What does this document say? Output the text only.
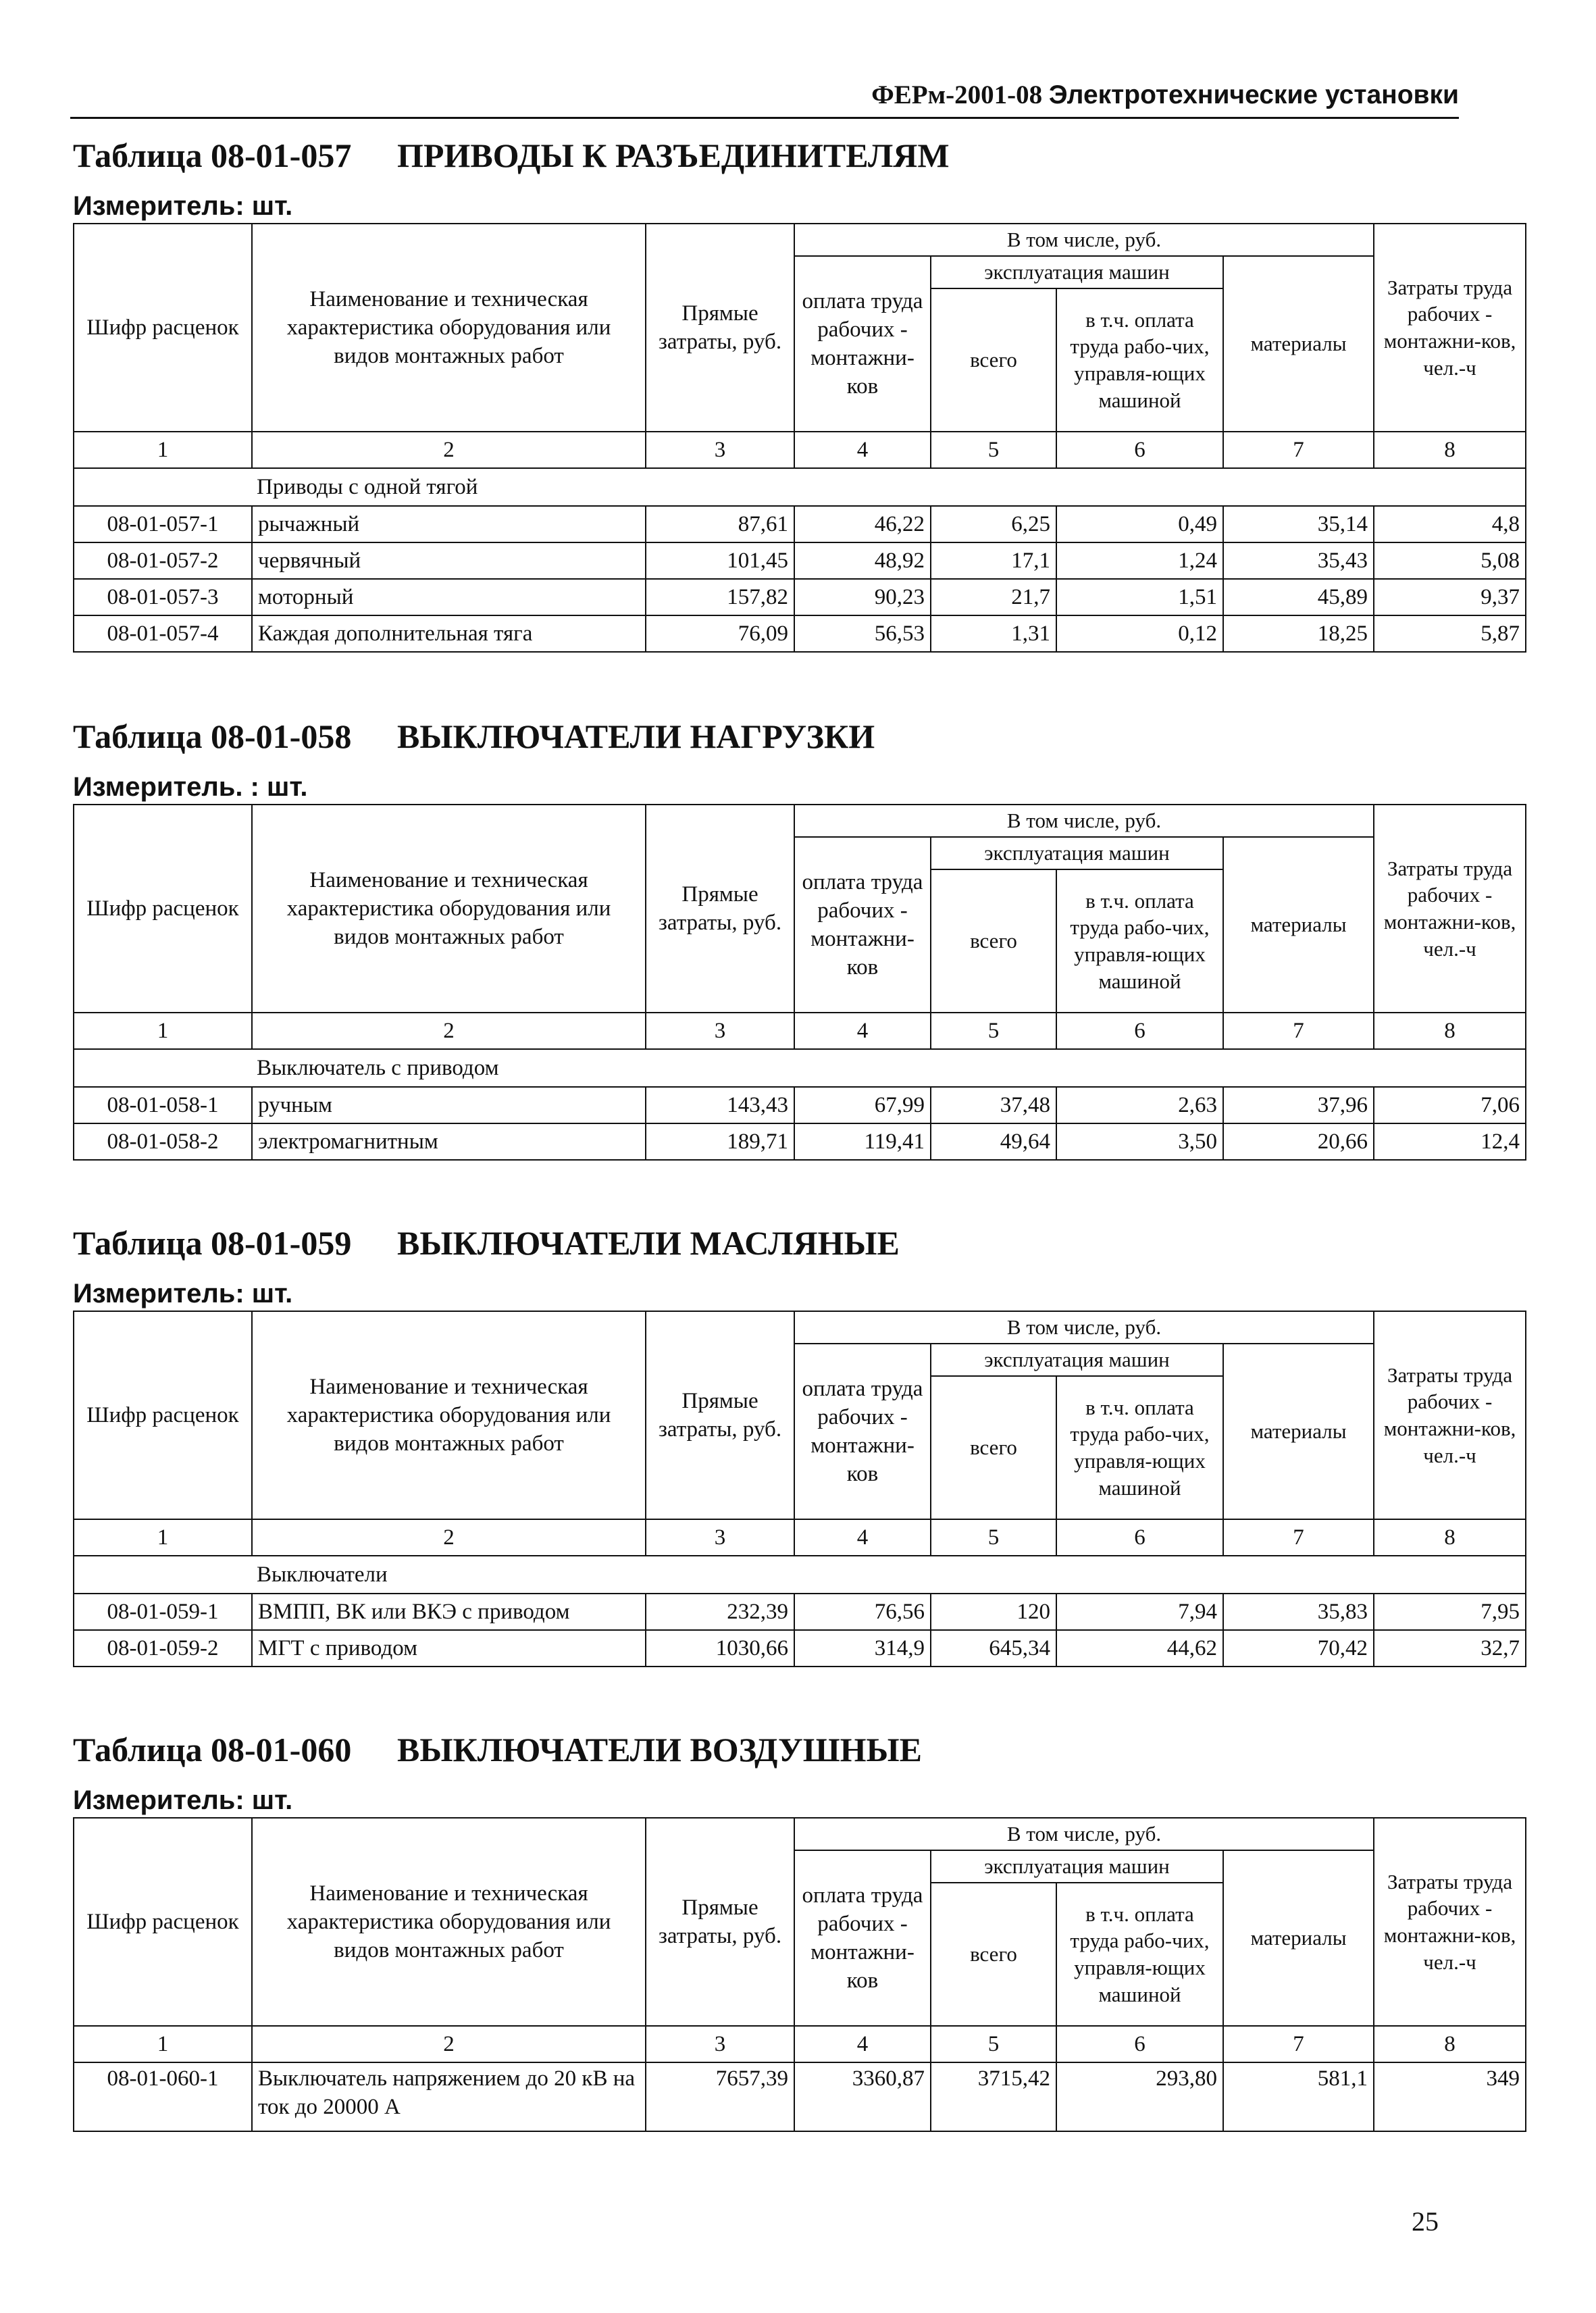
ФЕРм-2001-08 Электротехнические установки
Таблица 08-01-057 ПРИВОДЫ К РАЗЪЕДИНИТЕЛЯМ
Измеритель: шт.
Шифр расценок	Наименование и техническая характеристика оборудования или видов монтажных работ	Прямые затраты, руб.	В том числе, руб.				Затраты труда рабочих - монтажни-ков, чел.-ч
			оплата труда рабочих - монтажни-ков	эксплуатация машин		материалы	
				всего	в т.ч. оплата труда рабо-чих, управля-ющих машиной		
1	2	3	4	5	6	7	8
Приводы с одной тягой							
08-01-057-1	рычажный	87,61	46,22	6,25	0,49	35,14	4,8
08-01-057-2	червячный	101,45	48,92	17,1	1,24	35,43	5,08
08-01-057-3	моторный	157,82	90,23	21,7	1,51	45,89	9,37
08-01-057-4	Каждая дополнительная тяга	76,09	56,53	1,31	0,12	18,25	5,87
Таблица 08-01-058 ВЫКЛЮЧАТЕЛИ НАГРУЗКИ
Измеритель. : шт.
Шифр расценок	Наименование и техническая характеристика оборудования или видов монтажных работ	Прямые затраты, руб.	В том числе, руб.				Затраты труда рабочих - монтажни-ков, чел.-ч
			оплата труда рабочих - монтажни-ков	эксплуатация машин		материалы	
				всего	в т.ч. оплата труда рабо-чих, управля-ющих машиной		
1	2	3	4	5	6	7	8
Выключатель с приводом							
08-01-058-1	ручным	143,43	67,99	37,48	2,63	37,96	7,06
08-01-058-2	электромагнитным	189,71	119,41	49,64	3,50	20,66	12,4
Таблица 08-01-059 ВЫКЛЮЧАТЕЛИ МАСЛЯНЫЕ
Измеритель: шт.
Шифр расценок	Наименование и техническая характеристика оборудования или видов монтажных работ	Прямые затраты, руб.	В том числе, руб.				Затраты труда рабочих - монтажни-ков, чел.-ч
			оплата труда рабочих - монтажни-ков	эксплуатация машин		материалы	
				всего	в т.ч. оплата труда рабо-чих, управля-ющих машиной		
1	2	3	4	5	6	7	8
Выключатели							
08-01-059-1	ВМПП, ВК или ВКЭ с приводом	232,39	76,56	120	7,94	35,83	7,95
08-01-059-2	МГТ с приводом	1030,66	314,9	645,34	44,62	70,42	32,7
Таблица 08-01-060 ВЫКЛЮЧАТЕЛИ ВОЗДУШНЫЕ
Измеритель: шт.
Шифр расценок	Наименование и техническая характеристика оборудования или видов монтажных работ	Прямые затраты, руб.	В том числе, руб.				Затраты труда рабочих - монтажни-ков, чел.-ч
			оплата труда рабочих - монтажни-ков	эксплуатация машин		материалы	
				всего	в т.ч. оплата труда рабо-чих, управля-ющих машиной		
1	2	3	4	5	6	7	8
08-01-060-1	Выключатель напряжением до 20 кВ на ток до 20000 А	7657,39	3360,87	3715,42	293,80	581,1	349
25
